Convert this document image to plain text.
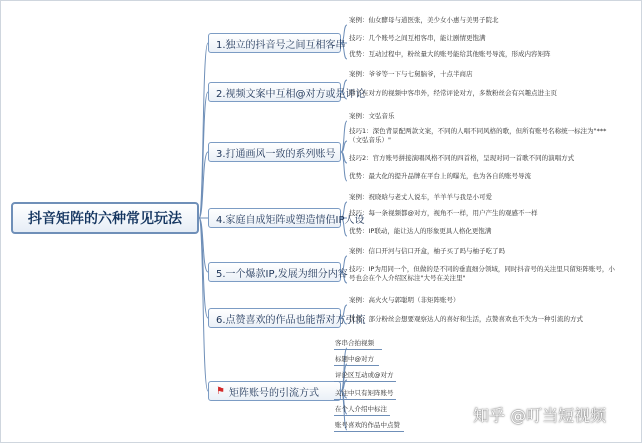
抖音矩阵的六种常见玩法
1.独立的抖音号之间互相客串
案例：仙女酵母与道医张，美少女小惠与美男子院北
技巧：几个账号之间互相客串，能让剧情更饱满
优势：互动过程中，粉丝量大的账号能给其他账号导流，形成内容矩阵
2.视频文案中互相@对方或是评论
案例：爷爷等一下与七舅脑爷，十点半商店
除了在对方的视频中客串外，经常评论对方，多数粉丝会有兴趣点进主页
3.打通画风一致的系列账号
案例：文弘音乐
技巧1：深色背景配两款文案，不同的人唱不同风格的歌，但所有账号名称统一标注为"***（文弘音乐）"
技巧2：官方账号拼接演唱风格不同的四首格，呈现对同一首歌不同的演唱方式
优势：最大化的提升品牌在平台上的曝光，也为各自的账号导流
4.家庭自成矩阵或塑造情侣IP人设
案例：祝晓晗与老丈人说车，羊羊羊与我是小可爱
技巧：每一条视频都@对方，视角不一样，用户产生的观感不一样
优势：IP联动，能让达人的形象更具人格化更饱满
5.一个爆款IP,发展为细分内容
案例：信口开河与信口开盒，柚子买了吗与柚子吃了吗
技巧：IP为用同一个，但做的是不同的垂直细分领域，同时抖音号的关注里只留矩阵账号，小号也会在个人介绍区标注"大号在关注里"
6.点赞喜欢的作品也能帮对方引流
案例：高火火与郭聪明（非矩阵账号）
优势：部分粉丝会想要观察达人的喜好和生活，点赞喜欢也不失为一种引流的方式
⚑ 矩阵账号的引流方式
客串合拍视频
标题中@对方
评论区互动或@对方
关注中只有矩阵账号
在个人介绍中标注
账号喜欢的作品中点赞	知乎 @叮当短视频
